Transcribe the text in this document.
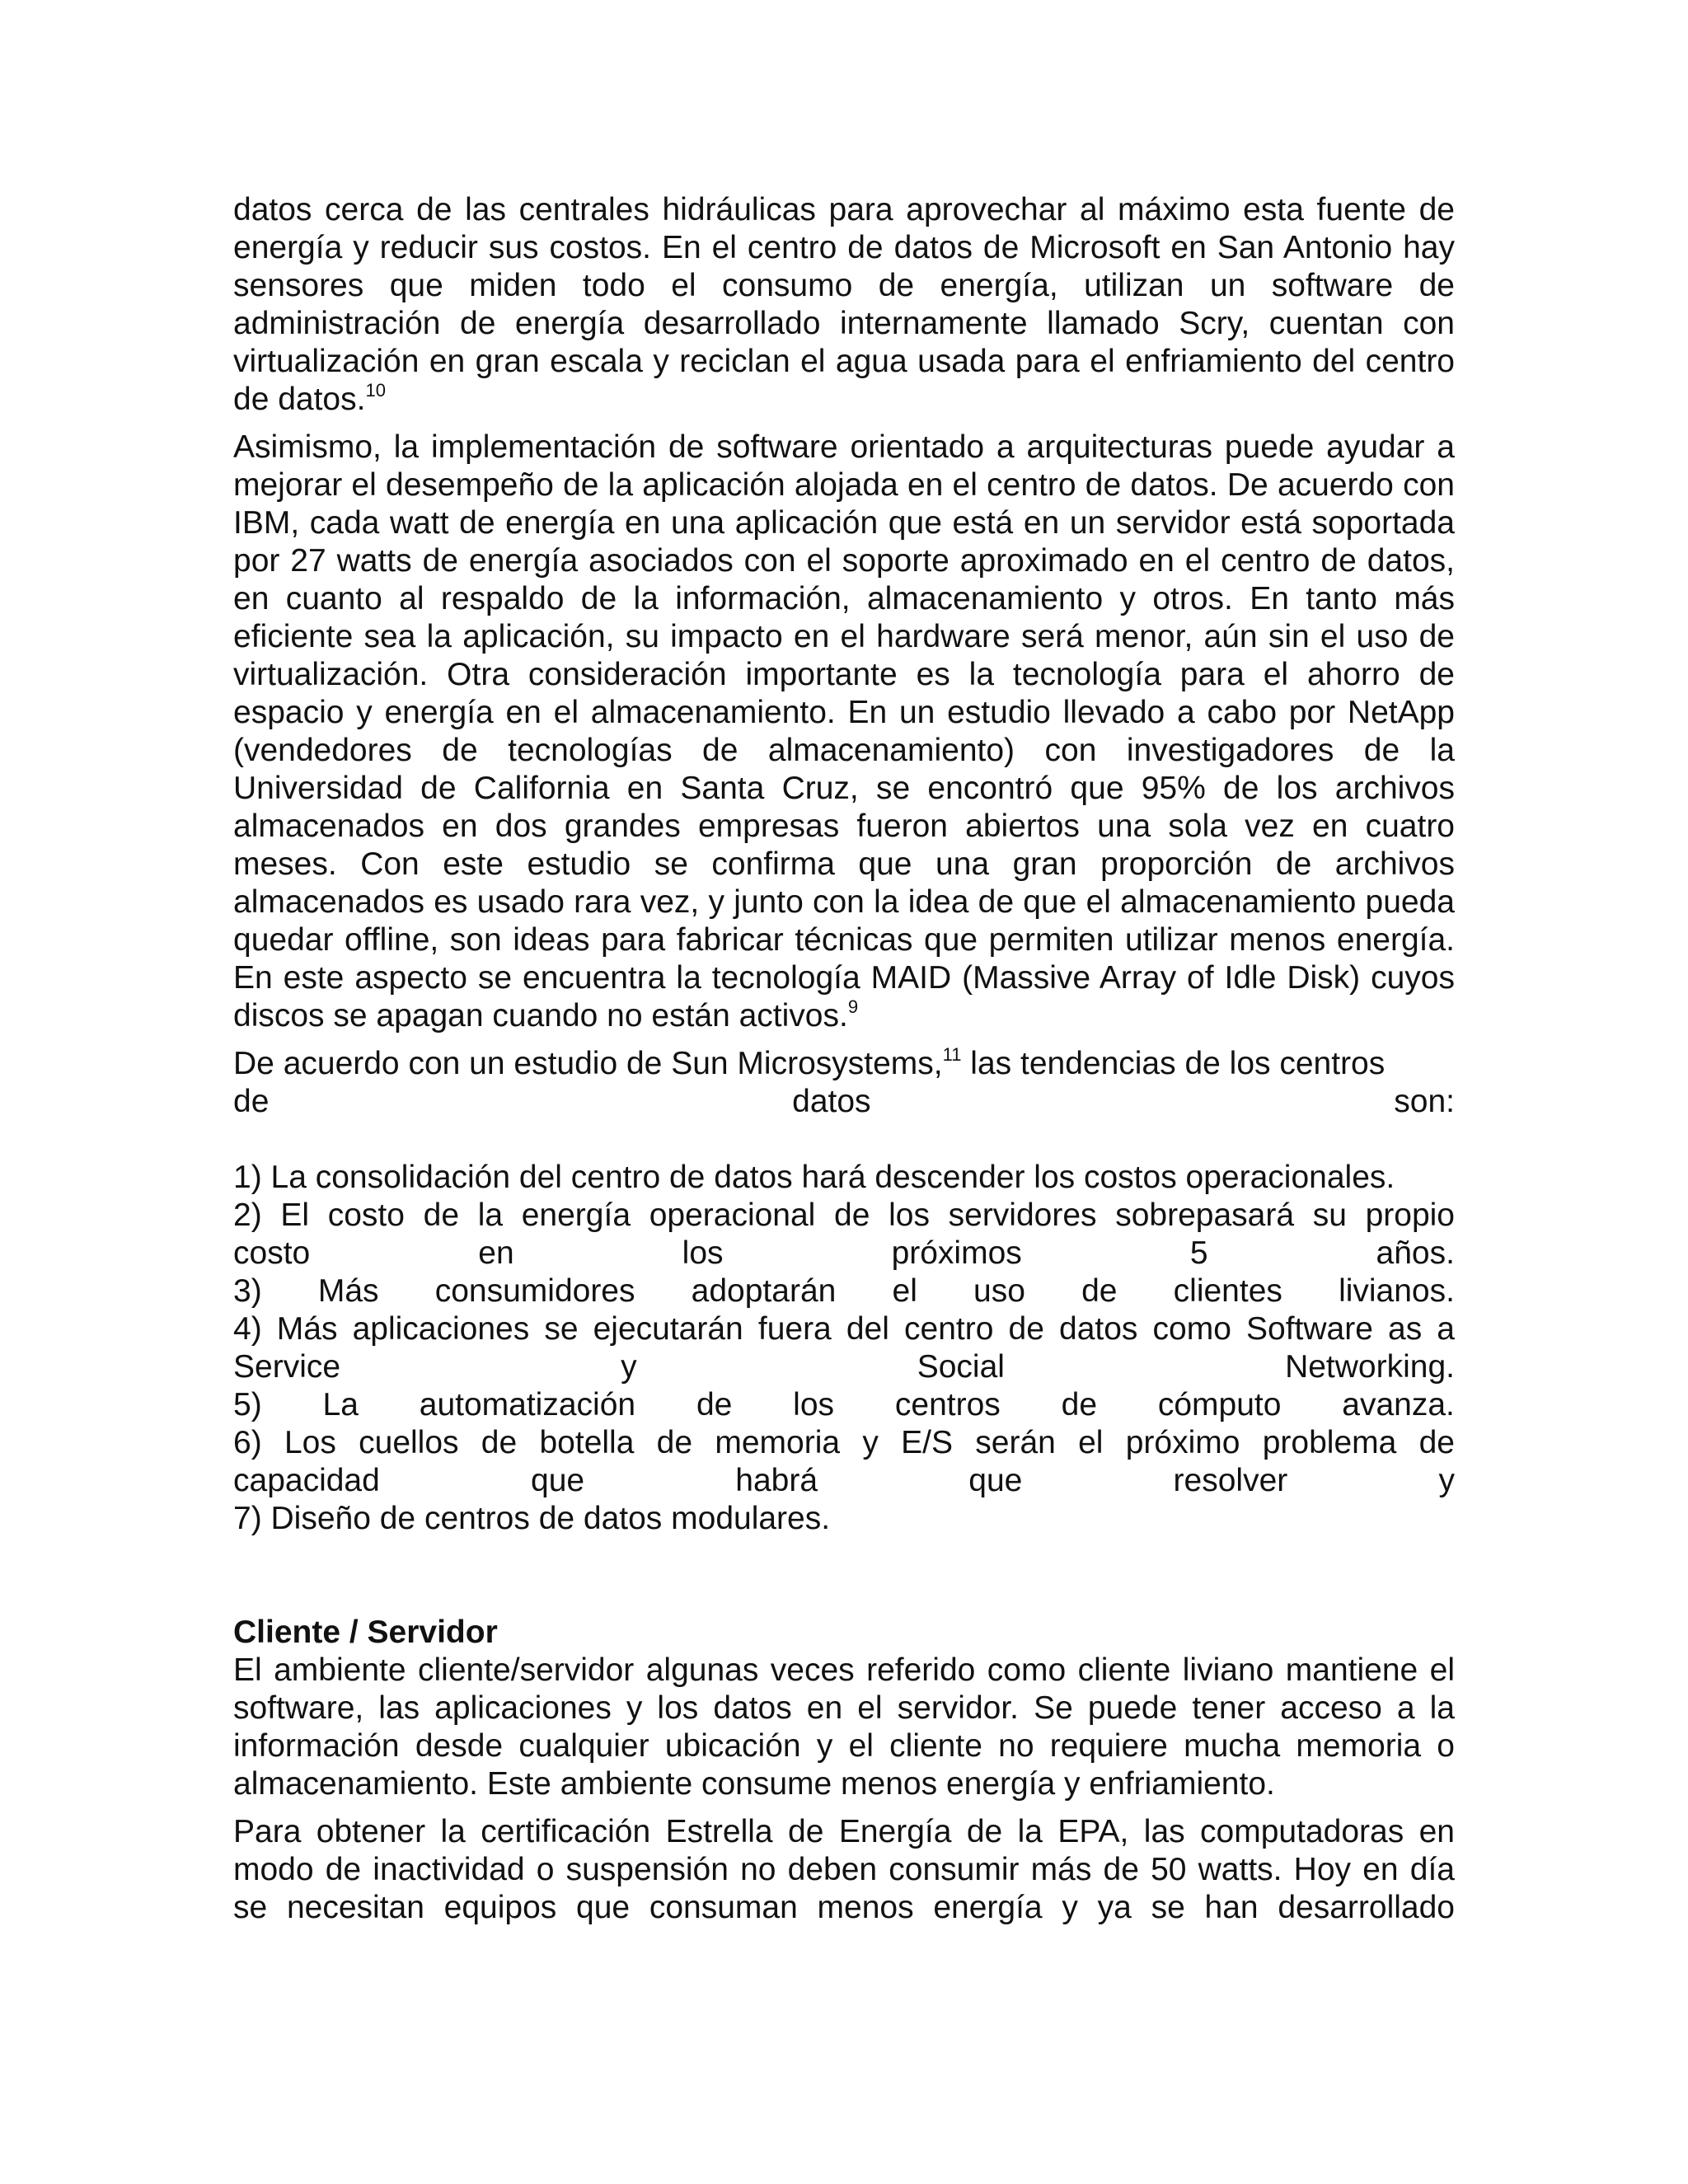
datos cerca de las centrales hidráulicas para aprovechar al máximo esta fuente de energía y reducir sus costos. En el centro de datos de Microsoft en San Antonio hay sensores que miden todo el consumo de energía, utilizan un software de administración de energía desarrollado internamente llamado Scry, cuentan con virtualización en gran escala y reciclan el agua usada para el enfriamiento del centro de datos.$^{10}$

Asimismo, la implementación de software orientado a arquitecturas puede ayudar a mejorar el desempeño de la aplicación alojada en el centro de datos. De acuerdo con IBM, cada watt de energía en una aplicación que está en un servidor está soportada por 27 watts de energía asociados con el soporte aproximado en el centro de datos, en cuanto al respaldo de la información, almacenamiento y otros. En tanto más eficiente sea la aplicación, su impacto en el hardware será menor, aún sin el uso de virtualización. Otra consideración importante es la tecnología para el ahorro de espacio y energía en el almacenamiento. En un estudio llevado a cabo por NetApp (vendedores de tecnologías de almacenamiento) con investigadores de la Universidad de California en Santa Cruz, se encontró que 95% de los archivos almacenados en dos grandes empresas fueron abiertos una sola vez en cuatro meses. Con este estudio se confirma que una gran proporción de archivos almacenados es usado rara vez, y junto con la idea de que el almacenamiento pueda quedar offline, son ideas para fabricar técnicas que permiten utilizar menos energía. En este aspecto se encuentra la tecnología MAID (Massive Array of Idle Disk) cuyos discos se apagan cuando no están activos.$^9$

De acuerdo con un estudio de Sun Microsystems,$^{11}$ las tendencias de los centros

de	datos	son:
1) La consolidación del centro de datos hará descender los costos operacionales.
2) El costo de la energía operacional de los servidores sobrepasará su propio
costo	en	los	próximos	5	años.
3) Más consumidores adoptarán el uso de clientes livianos.
4) Más aplicaciones se ejecutarán fuera del centro de datos como Software as a
Service	y	Social	Networking.
5) La automatización de los centros de cómputo avanza.
6) Los cuellos de botella de memoria y E/S serán el próximo problema de
capacidad	que	habrá	que	resolver	y
7) Diseño de centros de datos modulares.
Cliente / Servidor

El ambiente cliente/servidor algunas veces referido como cliente liviano mantiene el software, las aplicaciones y los datos en el servidor. Se puede tener acceso a la información desde cualquier ubicación y el cliente no requiere mucha memoria o almacenamiento. Este ambiente consume menos energía y enfriamiento.

Para obtener la certificación Estrella de Energía de la EPA, las computadoras en modo de inactividad o suspensión no deben consumir más de 50 watts. Hoy en día se necesitan equipos que consuman menos energía y ya se han desarrollado
